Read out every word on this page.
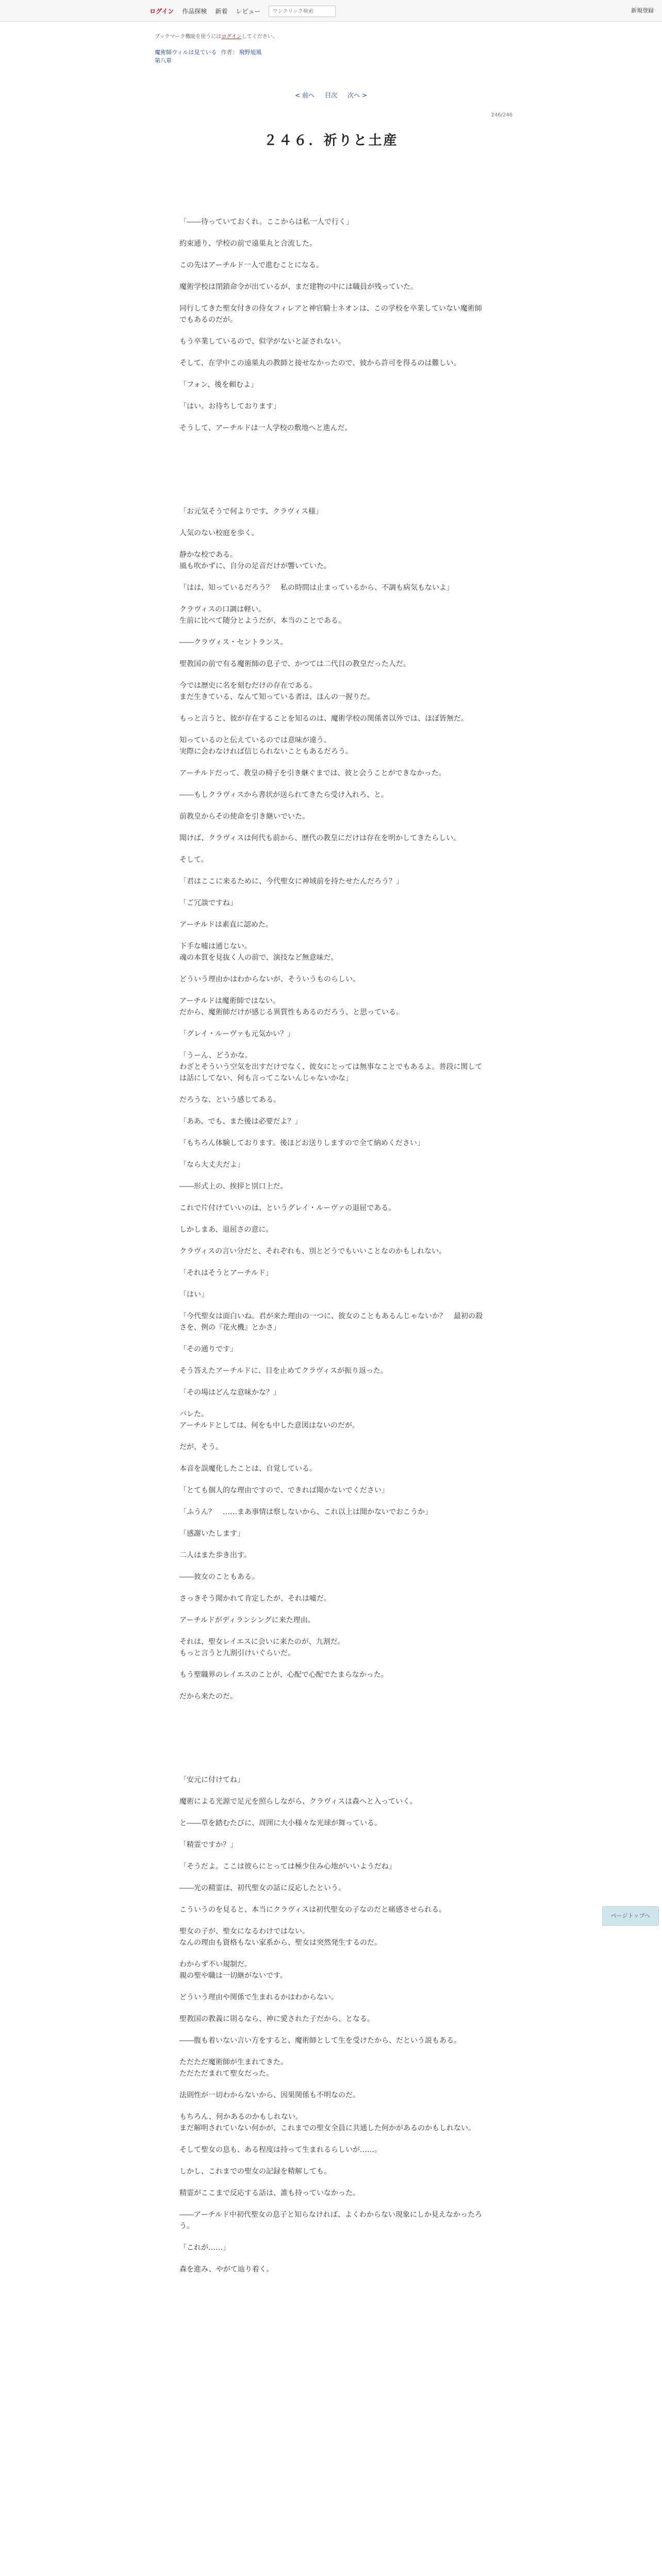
ログイン 作品探検 新着 レビュー
ワンクリック検索	新規登録
ブックマーク機能を使うにはログインしてください。
魔術師ウィルは見ている 作者： 飛野旭風
第八章
< 前へ 目次 次へ >
246/246
２４６．祈りと土産

「――待っていておくれ。ここからは私一人で行く」

約束通り、学校の前で遠巣丸と合流した。

この先はアーチルド一人で進むことになる。

魔術学校は閉鎖命令が出ているが、まだ建物の中には職員が残っていた。

同行してきた聖女付きの侍女フィレアと神官騎士ネオンは、この学校を卒業していない魔術師でもあるのだが。

もう卒業しているので、似学がないと証されない。

そして、在学中この遠巣丸の教師と接せなかったので、彼から許可を得るのは難しい。

「フォン、後を頼むよ」

「はい。お待ちしております」

そうして、アーチルドは一人学校の敷地へと進んだ。

「お元気そうで何よりです、クラヴィス様」

人気のない校庭を歩く。

静かな校である。
風も吹かずに、自分の足音だけが響いていた。

「はは、知っているだろう？　私の時間は止まっているから、不調も病気もないよ」

クラヴィスの口調は軽い。
生前に比べて随分とようだが、本当のことである。

――クラヴィス・セントランス。

聖教国の前で有る魔術師の息子で、かつては二代目の教皇だった人だ。

今では歴史に名を刻むだけの存在である。
まだ生きている、なんて知っている者は、ほんの一握りだ。

もっと言うと、彼が存在することを知るのは、魔術学校の関係者以外では、ほぼ皆無だ。

知っているのと伝えているのでは意味が違う。
実際に会わなければ信じられないこともあるだろう。

アーチルドだって、教皇の椅子を引き継ぐまでは、彼と会うことができなかった。

――もしクラヴィスから書状が送られてきたら受け入れろ、と。

前教皇からその使命を引き継いでいた。

聞けば、クラヴィスは何代も前から、歴代の教皇にだけは存在を明かしてきたらしい。

そして。

「君はここに来るために、今代聖女に神域前を持たせたんだろう？」

「ご冗談ですね」

アーチルドは素直に認めた。

下手な嘘は通じない。
魂の本質を見抜く人の前で、演技など無意味だ。

どういう理由かはわからないが、そういうものらしい。

アーチルドは魔術師ではない。
だから、魔術師だけが感じる異質性もあるのだろう、と思っている。

「グレイ・ルーヴァも元気かい？」

「うーん、どうかな。
わざとそういう空気を出すだけでなく、彼女にとっては無事なことでもあるよ。普段に関しては話にしてない、何も言ってこないんじゃないかな」

だろうな、という感じてある。

「ああ。でも、また後は必要だよ？」

「もちろん体験しております。後ほどお送りしますので全て納めください」

「なら大丈夫だよ」

――形式上の、挨拶と別口上だ。

これで片付けていいのは、というグレイ・ルーヴァの退屈である。

しかしまあ、退屈さの意に。

クラヴィスの言い分だと、それぞれも、別とどうでもいいことなのかもしれない。

「それはそうとアーチルド」

「はい」

「今代聖女は面白いね。君が来た理由の一つに、彼女のこともあるんじゃないか？　最初の殺さを、例の『花火機』とかさ」

「その通りです」

そう答えたアーチルドに、目を止めてクラヴィスが振り返った。

「その場はどんな意味かな？」

バレた。
アーチルドとしては、何をも中した意図はないのだが。

だが、そう。

本音を誤魔化したことは、自覚している。

「とても個人的な理由ですので、できれば聞かないでください」

「ふうん？　……まあ事情は察しないから、これ以上は聞かないでおこうか」

「感謝いたします」

二人はまた歩き出す。

――彼女のこともある。

さっきそう聞かれて肯定したが、それは嘘だ。

アーチルドがディランシングに来た理由。

それは、聖女レイエスに会いに来たのが、九割だ。
もっと言うと九割引けいぐらいだ。

もう聖職界のレイエスのことが、心配で心配でたまらなかった。

だから来たのだ。

「安元に付けてね」

魔術による光源で足元を照らしながら、クラヴィスは森へと入っていく。

と――草を踏むたびに、周囲に大小様々な光球が舞っている。

「精霊ですか？」

「そうだよ。ここは彼らにとっては極少住み心地がいいようだね」

――光の精霊は、初代聖女の話に反応したという。

こういうのを見ると、本当にクラヴィスは初代聖女の子なのだと痛感させられる。

聖女の子が、聖女になるわけではない。
なんの理由も資格もない家系から、聖女は突然発生するのだ。

わからず不い規制だ。
親の聖や職は一切継がないです。

どういう理由や関係で生まれるかはわからない。

聖教国の教義に則るなら、神に愛された子だから、となる。

――腹も着いない言い方をすると、魔術師として生を受けたから、だという説もある。

ただただ魔術師が生まれてきた。
ただただまれて聖女だった。

法則性が一切わからないから、因果関係も不明なのだ。

もちろん、何かあるのかもしれない。
まだ解明されていない何かが、これまでの聖女全員に共通した何かがあるのかもしれない。

そして聖女の息も、ある程度は持って生まれるらしいが……。

しかし、これまでの聖女の記録を精解しても。

精霊がここまで反応する話は、誰も持っていなかった。

――アーチルド中初代聖女の息子と知らなければ、よくわからない現象にしか見えなかったろう。

「これが……」

森を進み、やがて辿り着く。

ページトップへ
